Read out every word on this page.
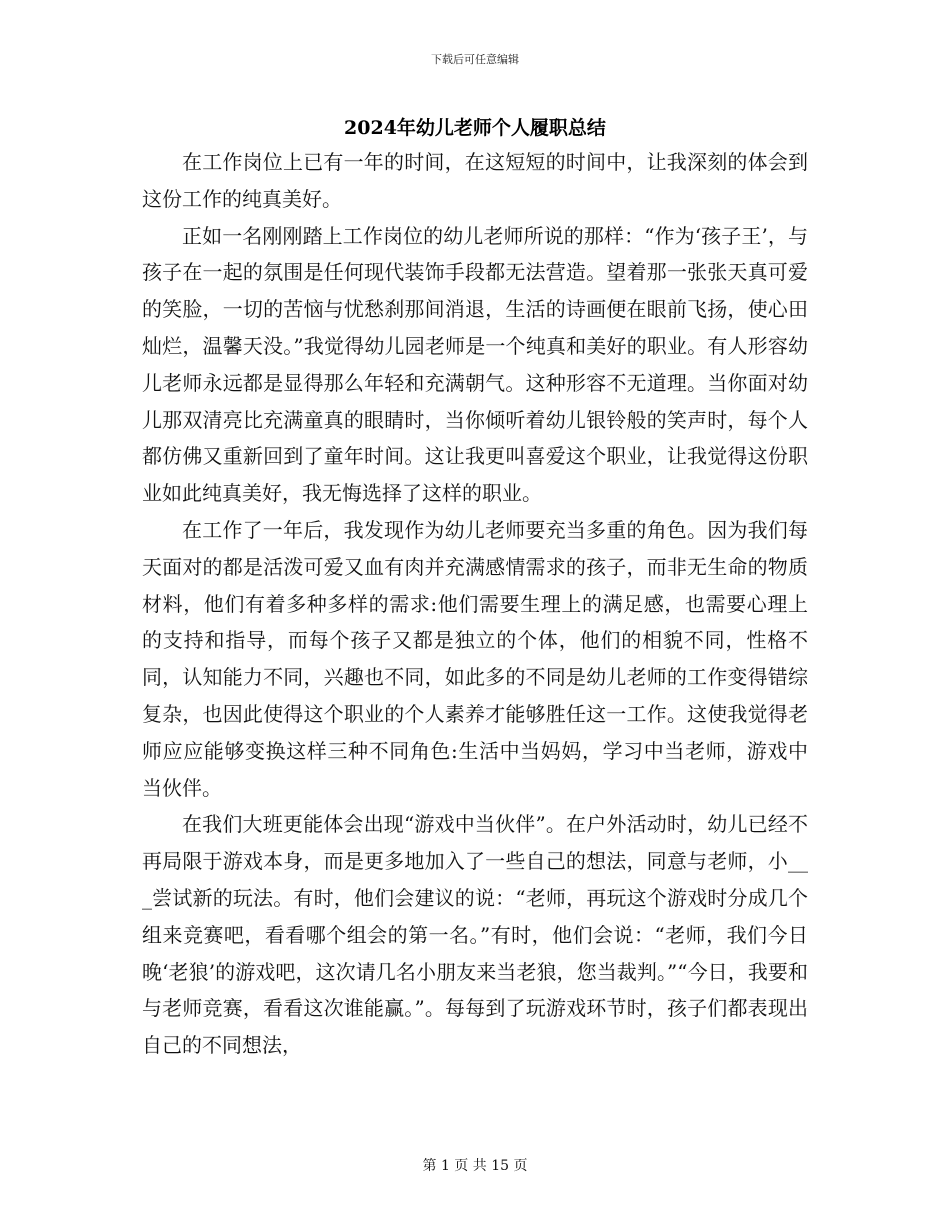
下载后可任意编辑
2024年幼儿老师个人履职总结

在工作岗位上已有一年的时间，在这短短的时间中，让我深刻的体会到这份工作的纯真美好。

正如一名刚刚踏上工作岗位的幼儿老师所说的那样：“作为‘孩子王’，与孩子在一起的氛围是任何现代装饰手段都无法营造。望着那一张张天真可爱的笑脸，一切的苦恼与忧愁刹那间消退，生活的诗画便在眼前飞扬，使心田灿烂，温馨天没。”我觉得幼儿园老师是一个纯真和美好的职业。有人形容幼儿老师永远都是显得那么年轻和充满朝气。这种形容不无道理。当你面对幼儿那双清亮比充满童真的眼睛时，当你倾听着幼儿银铃般的笑声时，每个人都仿佛又重新回到了童年时间。这让我更叫喜爱这个职业，让我觉得这份职业如此纯真美好，我无悔选择了这样的职业。

在工作了一年后，我发现作为幼儿老师要充当多重的角色。因为我们每天面对的都是活泼可爱又血有肉并充满感情需求的孩子，而非无生命的物质材料，他们有着多种多样的需求:他们需要生理上的满足感，也需要心理上的支持和指导，而每个孩子又都是独立的个体，他们的相貌不同，性格不同，认知能力不同，兴趣也不同，如此多的不同是幼儿老师的工作变得错综复杂，也因此使得这个职业的个人素养才能够胜任这一工作。这使我觉得老师应应能够变换这样三种不同角色:生活中当妈妈，学习中当老师，游戏中当伙伴。

在我们大班更能体会出现“游戏中当伙伴”。在户外活动时，幼儿已经不再局限于游戏本身，而是更多地加入了一些自己的想法，同意与老师，小___尝试新的玩法。有时，他们会建议的说：“老师，再玩这个游戏时分成几个组来竞赛吧，看看哪个组会的第一名。”有时，他们会说：“老师，我们今日晚‘老狼’的游戏吧，这次请几名小朋友来当老狼，您当裁判。”“今日，我要和与老师竞赛，看看这次谁能赢。”。每每到了玩游戏环节时，孩子们都表现出自己的不同想法，

第 1 页 共 15 页
